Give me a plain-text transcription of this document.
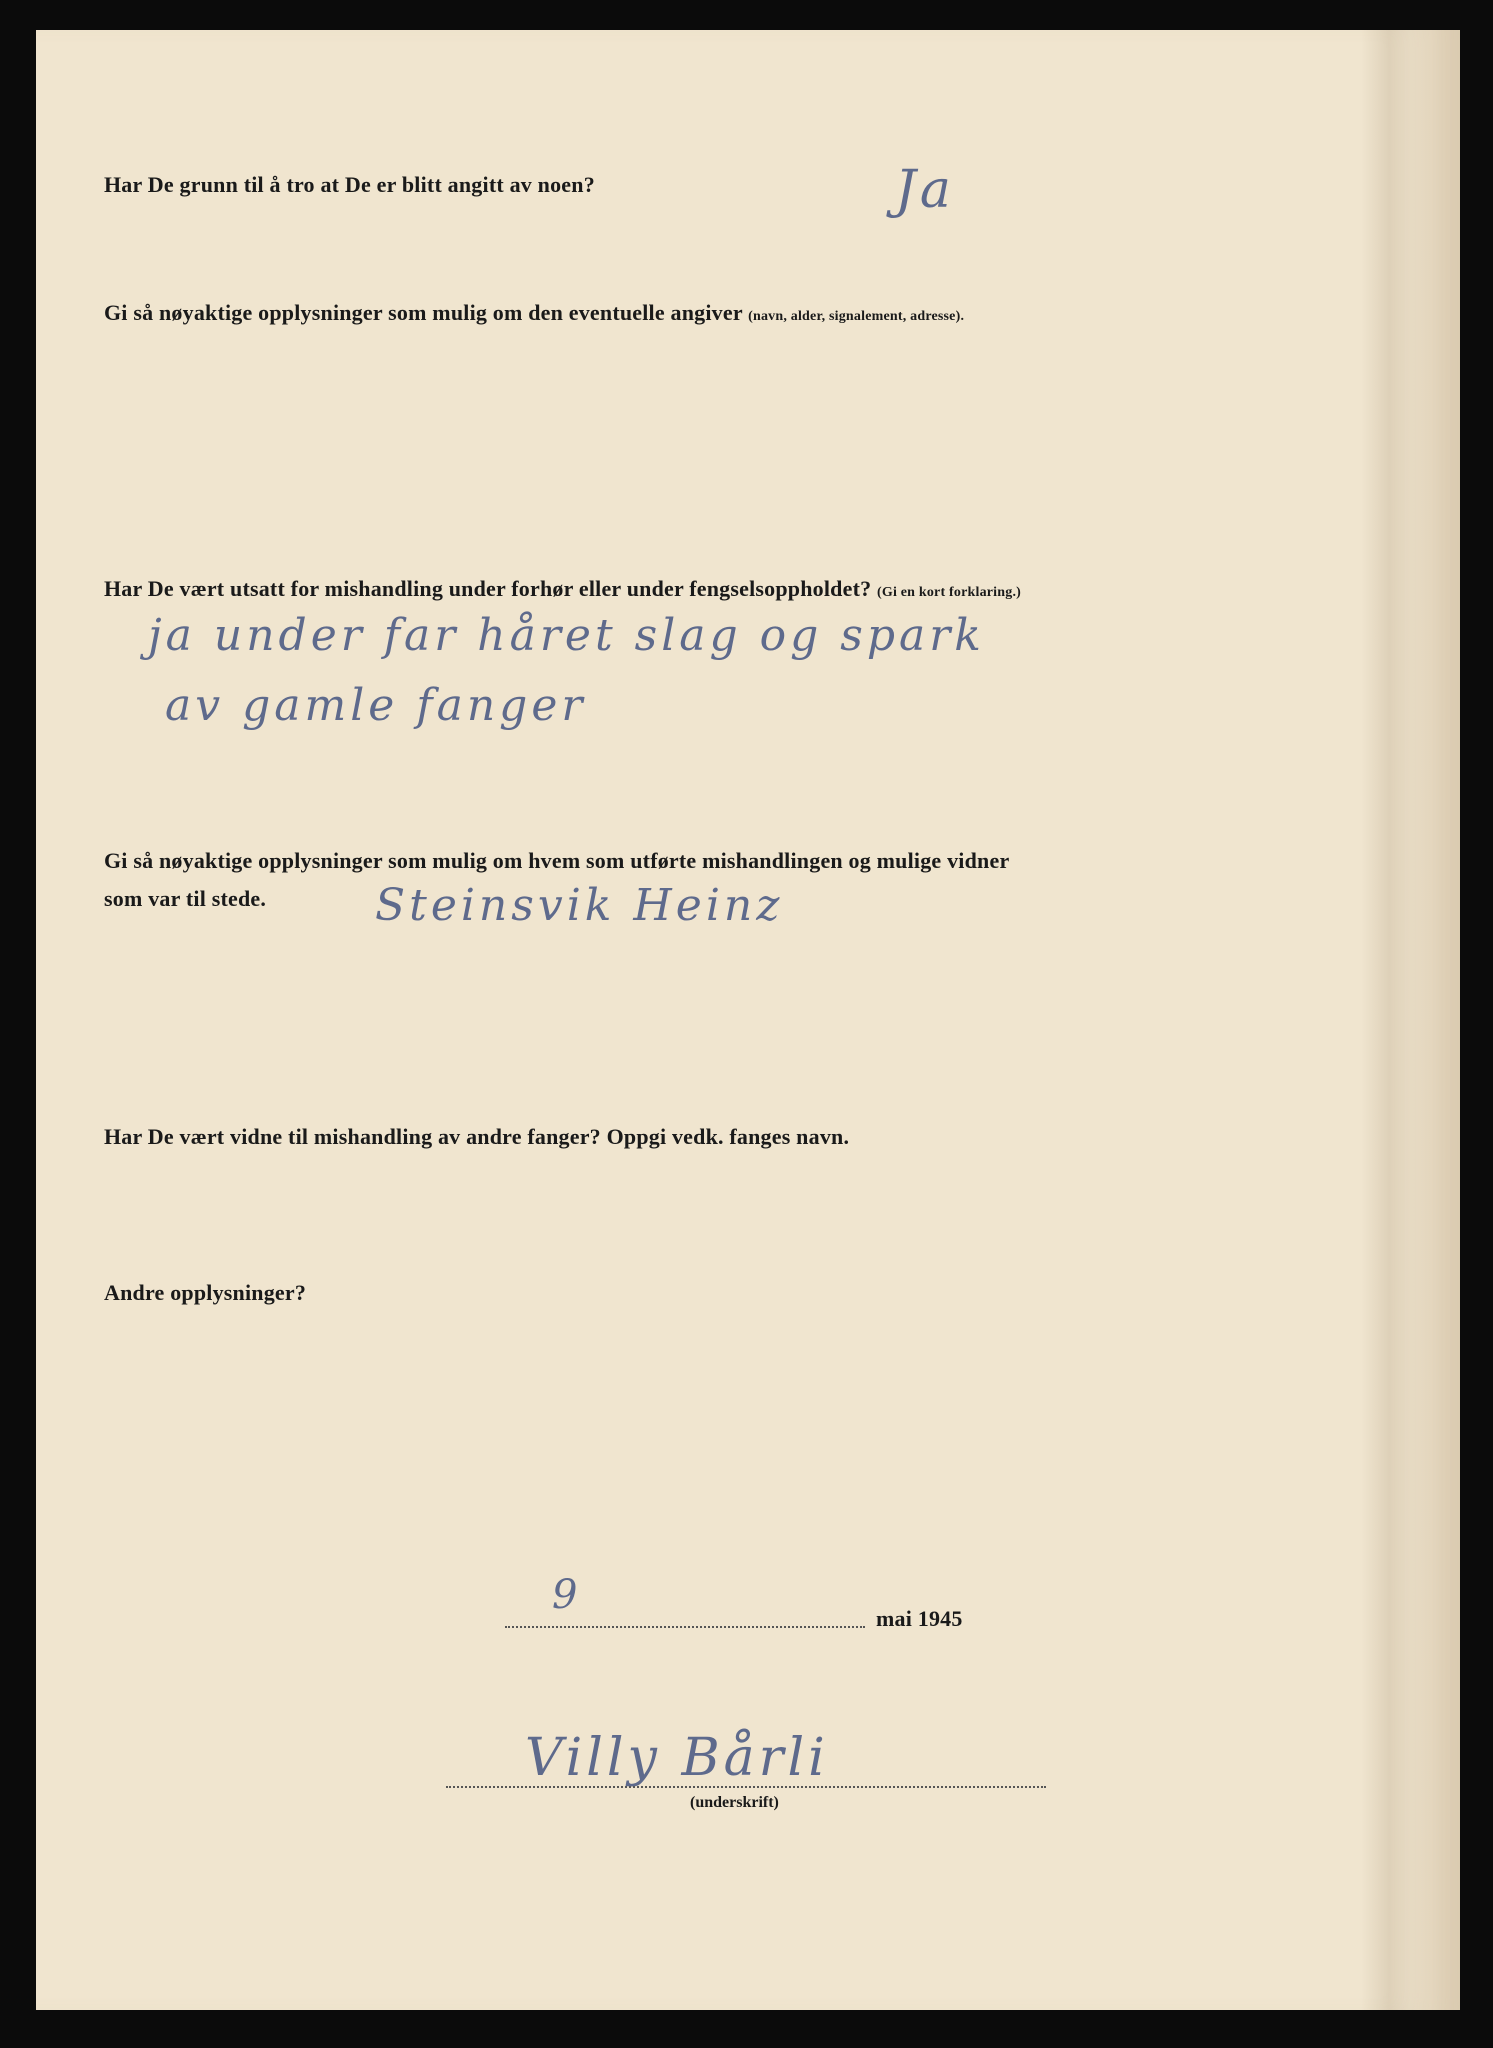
Har De grunn til å tro at De er blitt angitt av noen?	Ja
Gi så nøyaktige opplysninger som mulig om den eventuelle angiver (navn, alder, signalement, adresse).
Har De vært utsatt for mishandling under forhør eller under fengselsoppholdet? (Gi en kort forklaring.)
ja under far håret slag og spark
av gamle fanger
Gi så nøyaktige opplysninger som mulig om hvem som utførte mishandlingen og mulige vidner
som var til stede. Steinsvik Heinz
Har De vært vidne til mishandling av andre fanger? Oppgi vedk. fanges navn.
Andre opplysninger?
9
mai 1945
Villy Bårli
(underskrift)
